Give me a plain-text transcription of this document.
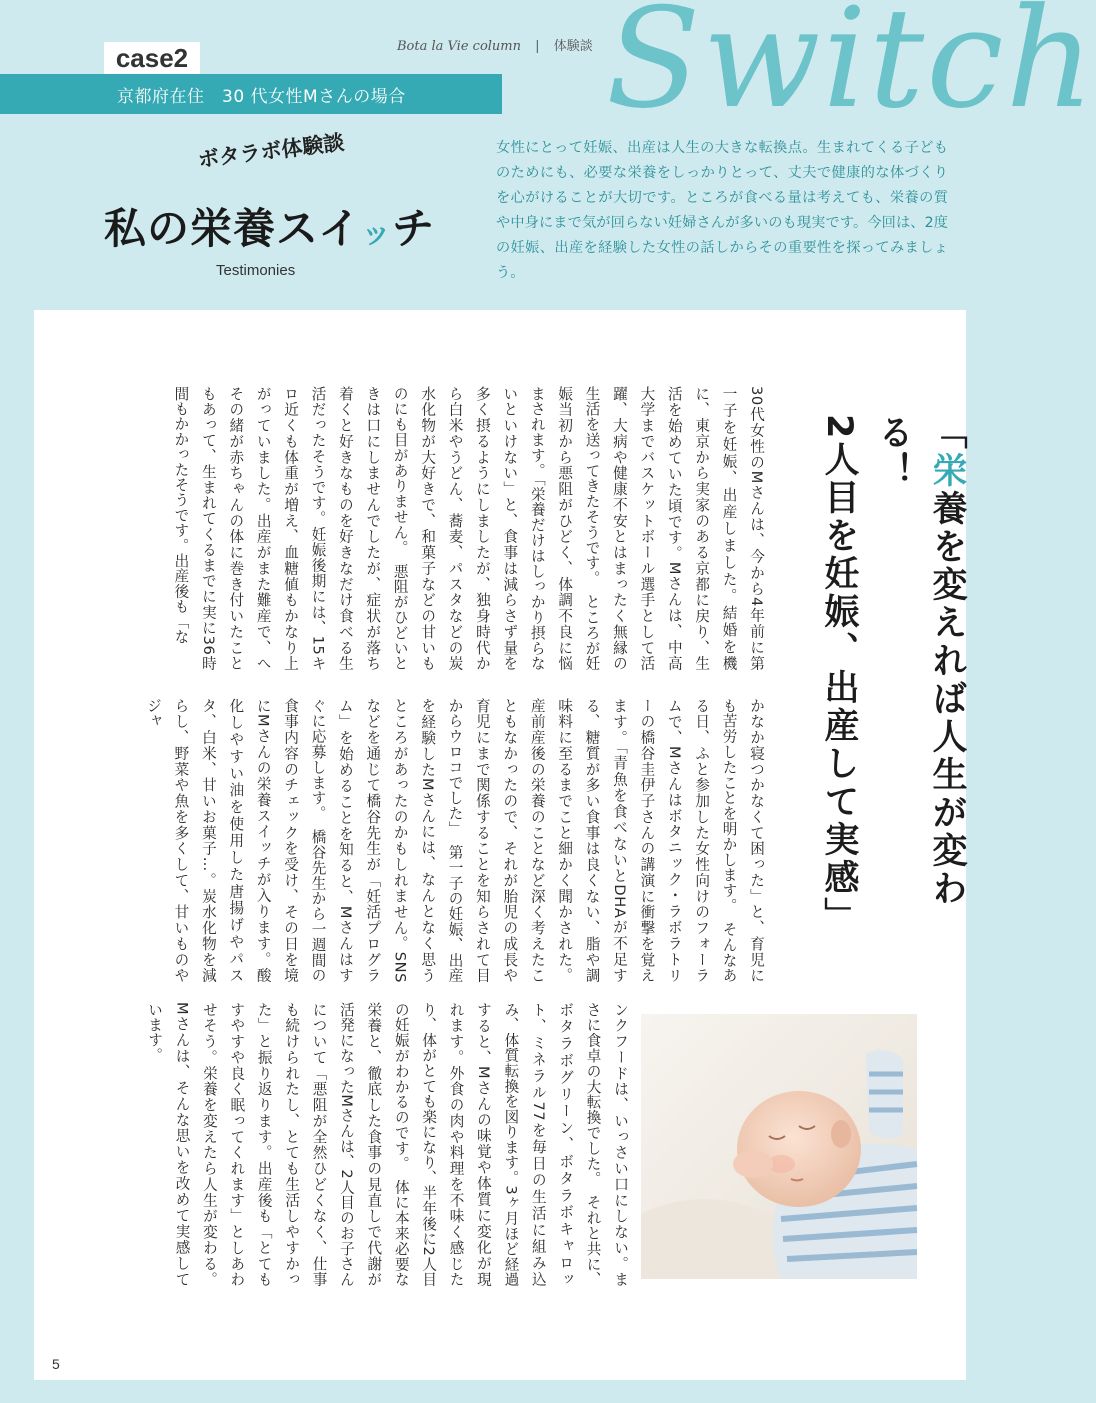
case2
京都府在住　30 代女性Mさんの場合
Bota la Vie column | 体験談 Switch
ボタラボ体験談
私の栄養スイッチ
Testimonies
女性にとって妊娠、出産は人生の大きな転換点。生まれてくる子どものためにも、必要な栄養をしっかりとって、丈夫で健康的な体づくりを心がけることが大切です。ところが食べる量は考えても、栄養の質や中身にまで気が回らない妊婦さんが多いのも現実です。今回は、2度の妊娠、出産を経験した女性の話しからその重要性を探ってみましょう。
「栄養を変えれば人生が変わる！
2人目を妊娠、出産して実感」
30代女性のMさんは、今から4年前に第一子を妊娠、出産しました。結婚を機に、東京から実家のある京都に戻り、生活を始めていた頃です。Mさんは、中高大学までバスケットボール選手として活躍、大病や健康不安とはまったく無縁の生活を送ってきたそうです。　ところが妊娠当初から悪阻がひどく、体調不良に悩まされます。「栄養だけはしっかり摂らないといけない」と、食事は減らさず量を多く摂るようにしましたが、独身時代から白米やうどん、蕎麦、パスタなどの炭水化物が大好きで、和菓子などの甘いものにも目がありません。　悪阻がひどいときは口にしませんでしたが、症状が落ち着くと好きなものを好きなだけ食べる生活だったそうです。妊娠後期には、15キロ近くも体重が増え、血糖値もかなり上がっていました。出産がまた難産で、へその緒が赤ちゃんの体に巻き付いたこともあって、生まれてくるまでに実に36時間もかかったそうです。出産後も「な
かなか寝つかなくて困った」と、育児にも苦労したことを明かします。　そんなある日、ふと参加した女性向けのフォーラムで、Mさんはボタニック・ラボラトリーの橋谷圭伊子さんの講演に衝撃を覚えます。「青魚を食べないとDHAが不足する、糖質が多い食事は良くない、脂や調味料に至るまでこと細かく聞かされた。産前産後の栄養のことなど深く考えたこともなかったので、それが胎児の成長や育児にまで関係することを知らされて目からウロコでした」　第一子の妊娠、出産を経験したMさんには、なんとなく思うところがあったのかもしれません。SNSなどを通じて橋谷先生が「妊活プログラム」を始めることを知ると、Mさんはすぐに応募します。　橋谷先生から一週間の食事内容のチェックを受け、その日を境にMさんの栄養スイッチが入ります。酸化しやすい油を使用した唐揚げやパスタ、白米、甘いお菓子…。炭水化物を減らし、野菜や魚を多くして、甘いものやジャ
ンクフードは、いっさい口にしない。まさに食卓の大転換でした。　それと共に、ボタラボグリーン、ボタラボキャロット、ミネラル77を毎日の生活に組み込み、体質転換を図ります。3ヶ月ほど経過すると、Mさんの味覚や体質に変化が現れます。外食の肉や料理を不味く感じたり、体がとても楽になり、半年後に2人目の妊娠がわかるのです。　体に本来必要な栄養と、徹底した食事の見直しで代謝が活発になったMさんは、2人目のお子さんについて「悪阻が全然ひどくなく、仕事も続けられたし、とても生活しやすかった」と振り返ります。出産後も「とてもすやすや良く眠ってくれます」としあわせそう。栄養を変えたら人生が変わる。Mさんは、そんな思いを改めて実感しています。
5
